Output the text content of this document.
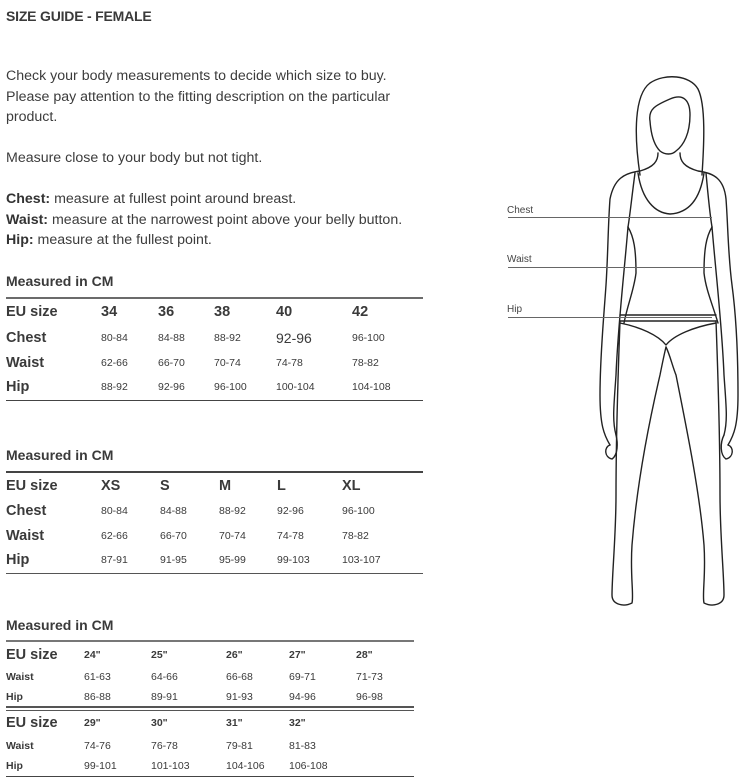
SIZE GUIDE - FEMALE

Check your body measurements to decide which size to buy.

Please pay attention to the fitting description on the particular product.

Measure close to your body but not tight.

Chest: measure at fullest point around breast.

Waist: measure at the narrowest point above your belly button.

Hip: measure at the fullest point.

Measured in CM
EU size	34	36	38	40	42
Chest	80-84	84-88	88-92	92-96	96-100
Waist	62-66	66-70	70-74	74-78	78-82
Hip	88-92	92-96	96-100	100-104	104-108
Measured in CM
EU size	XS	S	M	L	XL
Chest	80-84	84-88	88-92	92-96	96-100
Waist	62-66	66-70	70-74	74-78	78-82
Hip	87-91	91-95	95-99	99-103	103-107
Measured in CM
EU size	24"	25"	26"	27"	28"
Waist	61-63	64-66	66-68	69-71	71-73
Hip	86-88	89-91	91-93	94-96	96-98

EU size	29"	30"	31"	32"	
Waist	74-76	76-78	79-81	81-83	
Hip	99-101	101-103	104-106	106-108	
Chest
Waist
Hip
